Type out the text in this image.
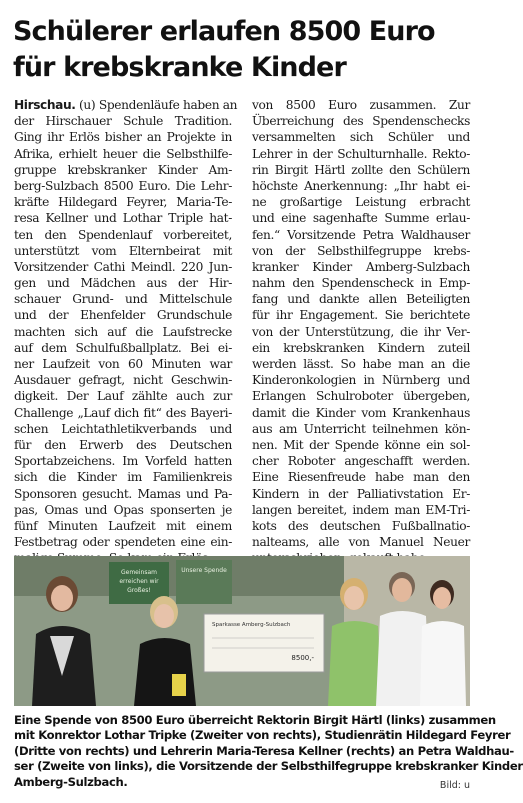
Schülerer erlaufen 8500 Euro
für krebskranke Kinder
Hirschau. (u) Spendenläufe haben an
der Hirschauer Schule Tradition.
Ging ihr Erlös bisher an Projekte in
Afrika, erhielt heuer die Selbsthilfe-
gruppe krebskranker Kinder Am-
berg-Sulzbach 8500 Euro. Die Lehr-
kräfte Hildegard Feyrer, Maria-Te-
resa Kellner und Lothar Triple hat-
ten den Spendenlauf vorbereitet,
unterstützt vom Elternbeirat mit
Vorsitzender Cathi Meindl. 220 Jun-
gen und Mädchen aus der Hir-
schauer Grund- und Mittelschule
und der Ehenfelder Grundschule
machten sich auf die Laufstrecke
auf dem Schulfußballplatz. Bei ei-
ner Laufzeit von 60 Minuten war
Ausdauer gefragt, nicht Geschwin-
digkeit. Der Lauf zählte auch zur
Challenge „Lauf dich fit“ des Bayeri-
schen Leichtathletikverbands und
für den Erwerb des Deutschen
Sportabzeichens. Im Vorfeld hatten
sich die Kinder im Familienkreis
Sponsoren gesucht. Mamas und Pa-
pas, Omas und Opas sponserten je
fünf Minuten Laufzeit mit einem
Festbetrag oder spendeten eine ein-
von 8500 Euro zusammen. Zur
Überreichung des Spendenschecks
versammelten sich Schüler und
Lehrer in der Schulturnhalle. Rekto-
rin Birgit Härtl zollte den Schülern
höchste Anerkennung: „Ihr habt ei-
ne großartige Leistung erbracht
und eine sagenhafte Summe erlau-
fen.“ Vorsitzende Petra Waldhauser
von der Selbsthilfegruppe krebs-
kranker Kinder Amberg-Sulzbach
nahm den Spendenscheck in Emp-
fang und dankte allen Beteiligten
für ihr Engagement. Sie berichtete
von der Unterstützung, die ihr Ver-
ein krebskranken Kindern zuteil
werden lässt. So habe man an die
Kinderonkologien in Nürnberg und
Erlangen Schulroboter übergeben,
damit die Kinder vom Krankenhaus
aus am Unterricht teilnehmen kön-
nen. Mit der Spende könne ein sol-
cher Roboter angeschafft werden.
Eine Riesenfreude habe man den
Kindern in der Palliativstation Er-
langen bereitet, indem man EM-Tri-
kots des deutschen Fußballnatio-
nalteams, alle von Manuel Neuer
Gemeinsam
erreichen wir
Großes!
Unsere Spende
Sparkasse Amberg-Sulzbach
8500,-
Eine Spende von 8500 Euro überreicht Rektorin Birgit Härtl (links) zusammen
mit Konrektor Lothar Tripke (Zweiter von rechts), Studienrätin Hildegard Feyrer
(Dritte von rechts) und Lehrerin Maria-Teresa Kellner (rechts) an Petra Waldhau-
ser (Zweite von links), die Vorsitzende der Selbsthilfegruppe krebskranker Kinder
Amberg-Sulzbach.	Bild: u
